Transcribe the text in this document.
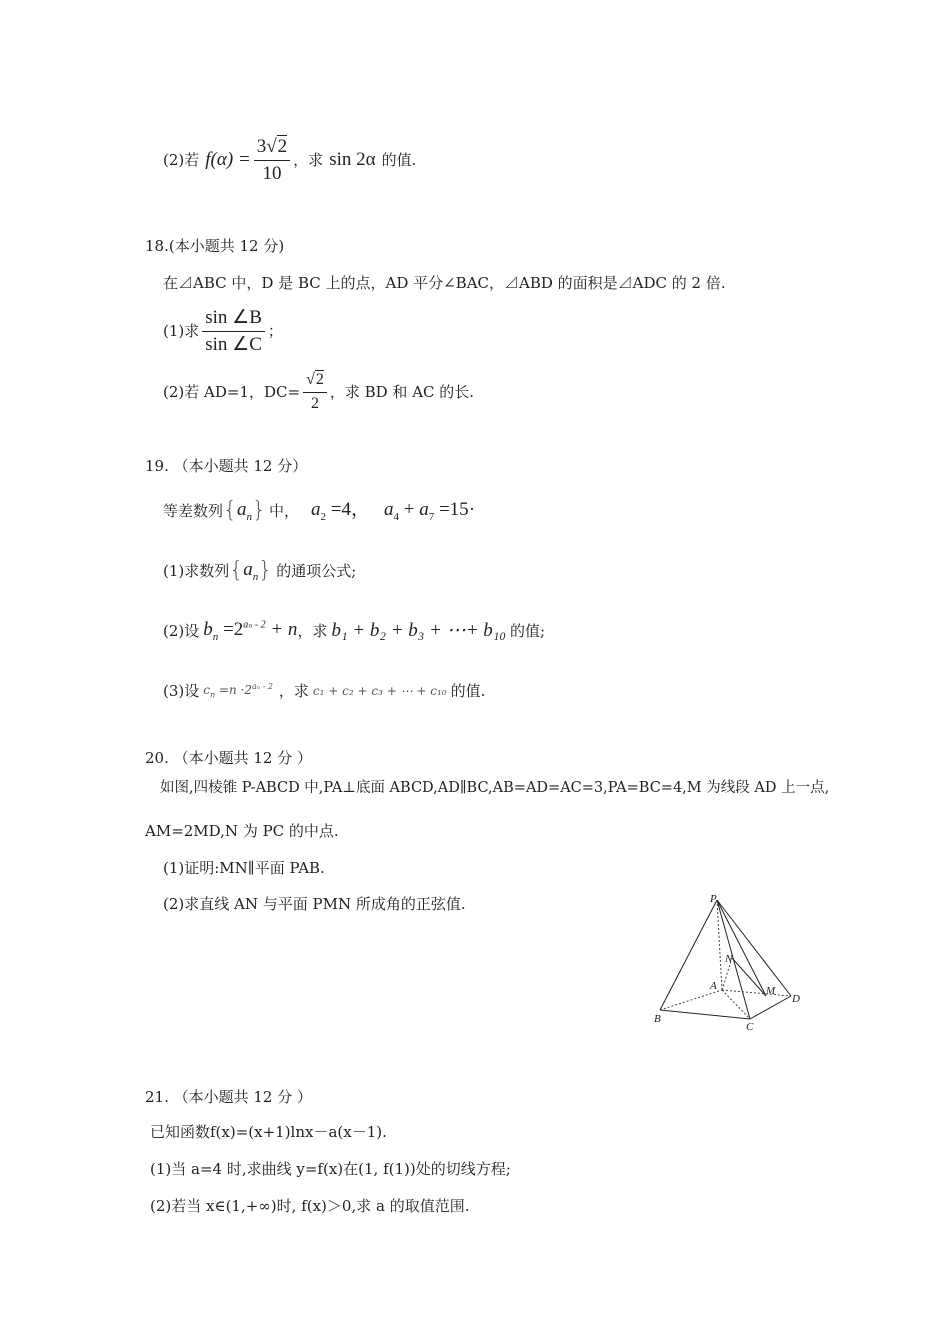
(2)若 $f(\alpha) = \frac{3√2}{10}$ ，求 sin 2α 的值.
18.(本小题共 12 分)
在⊿ABC 中，D 是 BC 上的点，AD 平分∠BAC，⊿ABD 的面积是⊿ADC 的 2 倍.
(1)求 $\frac{\sin \angle B}{\sin \angle C}$ ；
(2)若 AD=1，$DC= \frac{√2}{2}$ ，求 BD 和 AC 的长.
19. （本小题共 12 分）
等差数列 { $a_n$ } 中， $a_2 =4$， $a_4 + a_7 =15\cdot$
(1)求数列 { $a_n$ } 的通项公式;
(2)设 $b_n =2^{a_n - 2} + n$ ，求 b₁ + b₂ + b₃ + ⋯+ b₁₀ 的值;
(3)设 $c_n =n \cdot 2^{a_n - 2}$ ，求 c₁ + c₂ + c₃ + ⋯ + c₁₀ 的值.
20. （本小题共 12 分 ）
如图,四棱锥 P-ABCD 中,PA⊥底面 ABCD,AD∥BC,AB=AD=AC=3,PA=BC=4,M 为线段 AD 上一点,
AM=2MD,N 为 PC 的中点.
(1)证明:MN∥平面 PAB.
(2)求直线 AN 与平面 PMN 所成角的正弦值.	P
N
A	M
D
B
C
21. （本小题共 12 分 ）
已知函数f(x)=(x+1)lnx－a(x－1).
(1)当 a=4 时,求曲线 y=f(x)在(1, f(1))处的切线方程;
(2)若当 x∈(1,+∞)时, f(x)＞0,求 a 的取值范围.
